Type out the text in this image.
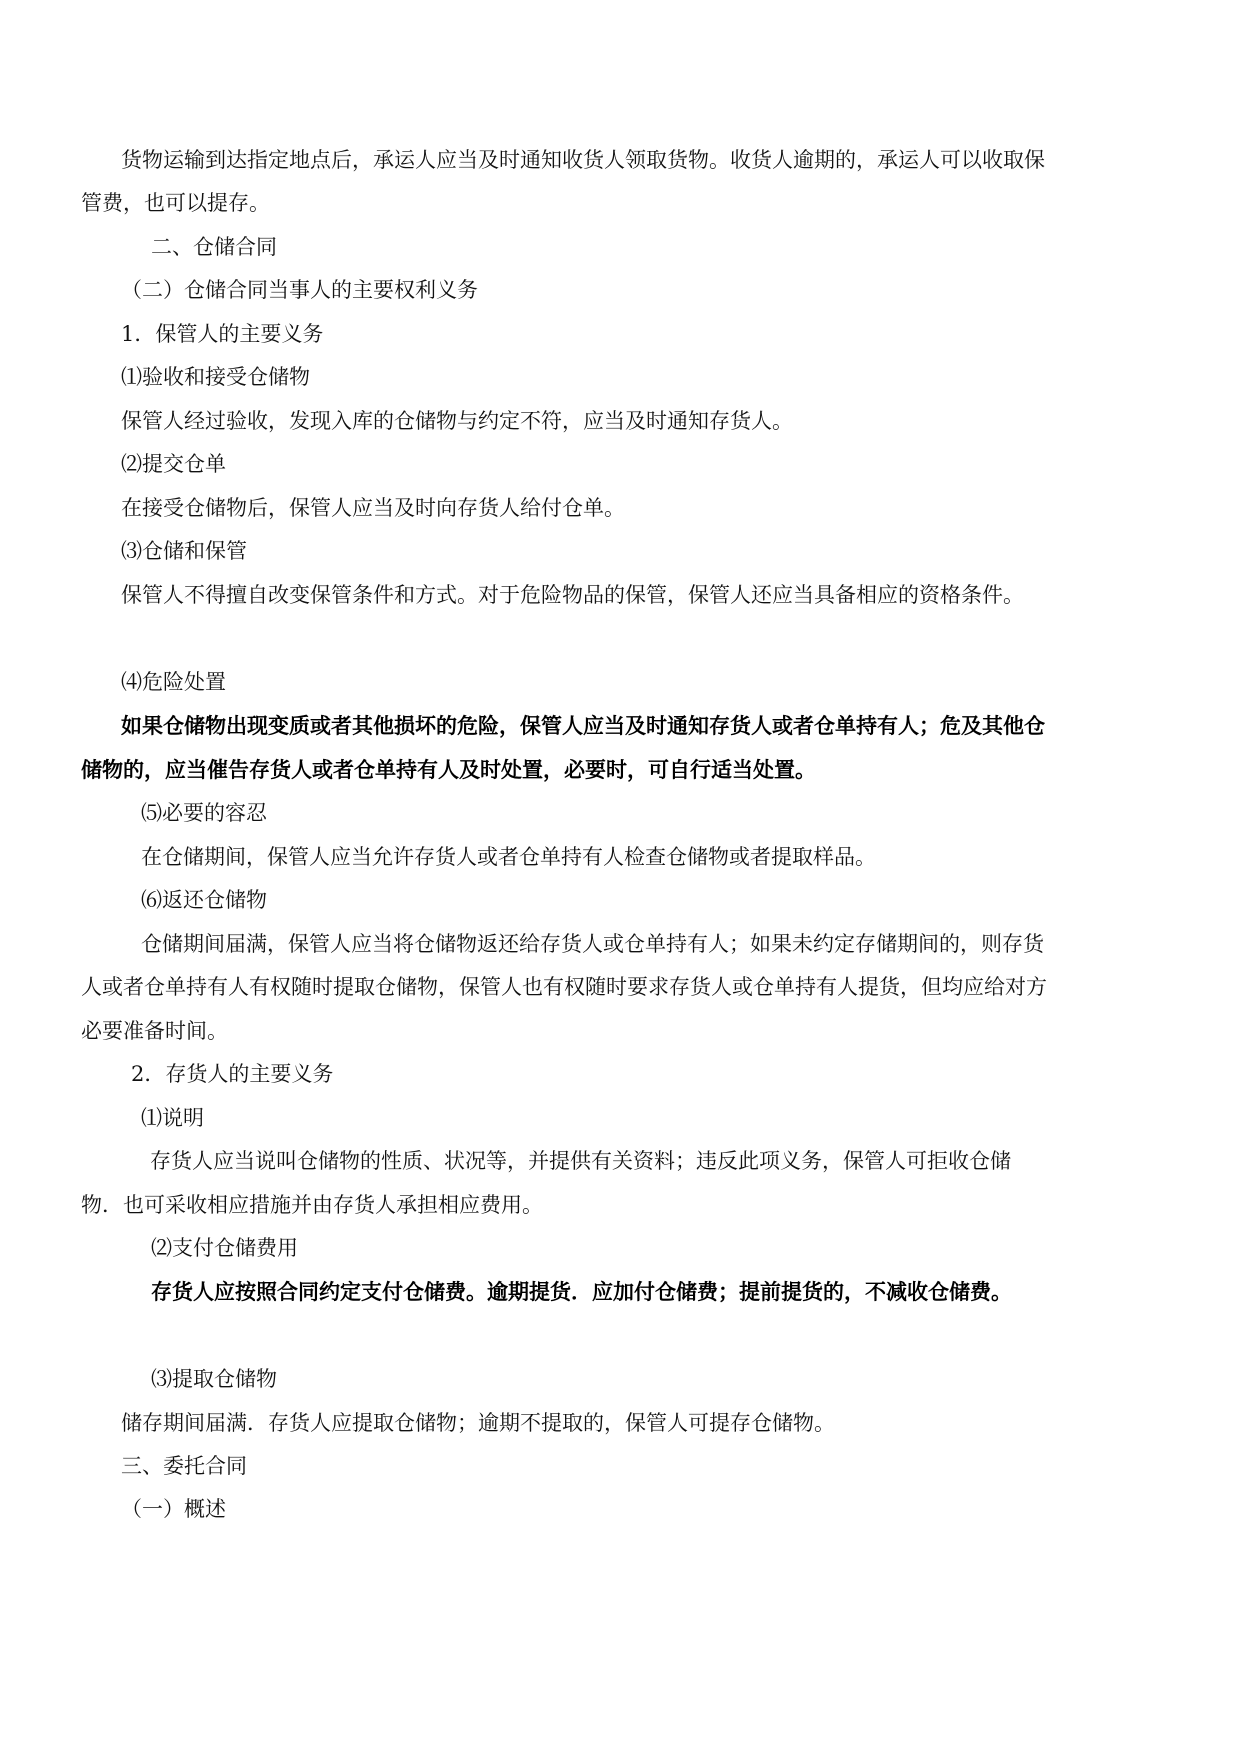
货物运输到达指定地点后，承运人应当及时通知收货人领取货物。收货人逾期的，承运人可以收取保
管费，也可以提存。
二、仓储合同
（二）仓储合同当事人的主要权利义务
1．保管人的主要义务
⑴验收和接受仓储物
保管人经过验收，发现入库的仓储物与约定不符，应当及时通知存货人。
⑵提交仓单
在接受仓储物后，保管人应当及时向存货人给付仓单。
⑶仓储和保管
保管人不得擅自改变保管条件和方式。对于危险物品的保管，保管人还应当具备相应的资格条件。
⑷危险处置
如果仓储物出现变质或者其他损坏的危险，保管人应当及时通知存货人或者仓单持有人；危及其他仓
储物的，应当催告存货人或者仓单持有人及时处置，必要时，可自行适当处置。
⑸必要的容忍
在仓储期间，保管人应当允许存货人或者仓单持有人检查仓储物或者提取样品。
⑹返还仓储物
仓储期间届满，保管人应当将仓储物返还给存货人或仓单持有人；如果未约定存储期间的，则存货
人或者仓单持有人有权随时提取仓储物，保管人也有权随时要求存货人或仓单持有人提货，但均应给对方
必要准备时间。
2．存货人的主要义务
⑴说明
存货人应当说叫仓储物的性质、状况等，并提供有关资料；违反此项义务，保管人可拒收仓储
物．也可采收相应措施并由存货人承担相应费用。
⑵支付仓储费用
存货人应按照合同约定支付仓储费。逾期提货．应加付仓储费；提前提货的，不减收仓储费。
⑶提取仓储物
储存期间届满．存货人应提取仓储物；逾期不提取的，保管人可提存仓储物。
三、委托合同
（一）概述
